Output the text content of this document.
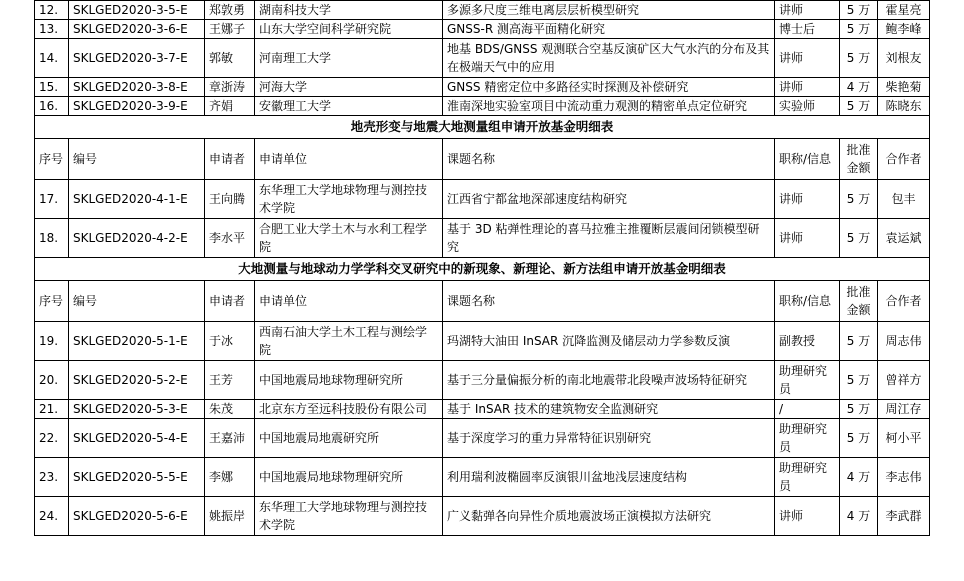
12.	SKLGED2020-3-5-E	郑敦勇	湖南科技大学	多源多尺度三维电离层层析模型研究	讲师	5 万	霍星亮
13.	SKLGED2020-3-6-E	王娜子	山东大学空间科学研究院	GNSS-R 测高海平面精化研究	博士后	5 万	鲍李峰
14.	SKLGED2020-3-7-E	郭敏	河南理工大学	地基 BDS/GNSS 观测联合空基反演矿区大气水汽的分布及其在极端天气中的应用	讲师	5 万	刘根友
15.	SKLGED2020-3-8-E	章浙涛	河海大学	GNSS 精密定位中多路径实时探测及补偿研究	讲师	4 万	柴艳菊
16.	SKLGED2020-3-9-E	齐娟	安徽理工大学	淮南深地实验室项目中流动重力观测的精密单点定位研究	实验师	5 万	陈晓东
地壳形变与地震大地测量组申请开放基金明细表							
序号	编号	申请者	申请单位	课题名称	职称/信息	批准金额	合作者
17.	SKLGED2020-4-1-E	王向腾	东华理工大学地球物理与测控技术学院	江西省宁都盆地深部速度结构研究	讲师	5 万	包丰
18.	SKLGED2020-4-2-E	李水平	合肥工业大学土木与水利工程学院	基于 3D 粘弹性理论的喜马拉雅主推覆断层震间闭锁模型研究	讲师	5 万	袁运斌
大地测量与地球动力学学科交叉研究中的新现象、新理论、新方法组申请开放基金明细表							
序号	编号	申请者	申请单位	课题名称	职称/信息	批准金额	合作者
19.	SKLGED2020-5-1-E	于冰	西南石油大学土木工程与测绘学院	玛湖特大油田 InSAR 沉降监测及储层动力学参数反演	副教授	5 万	周志伟
20.	SKLGED2020-5-2-E	王芳	中国地震局地球物理研究所	基于三分量偏振分析的南北地震带北段噪声波场特征研究	助理研究员	5 万	曾祥方
21.	SKLGED2020-5-3-E	朱茂	北京东方至远科技股份有限公司	基于 InSAR 技术的建筑物安全监测研究	/	5 万	周江存
22.	SKLGED2020-5-4-E	王嘉沛	中国地震局地震研究所	基于深度学习的重力异常特征识别研究	助理研究员	5 万	柯小平
23.	SKLGED2020-5-5-E	李娜	中国地震局地球物理研究所	利用瑞利波椭圆率反演银川盆地浅层速度结构	助理研究员	4 万	李志伟
24.	SKLGED2020-5-6-E	姚振岸	东华理工大学地球物理与测控技术学院	广义黏弹各向异性介质地震波场正演模拟方法研究	讲师	4 万	李武群
